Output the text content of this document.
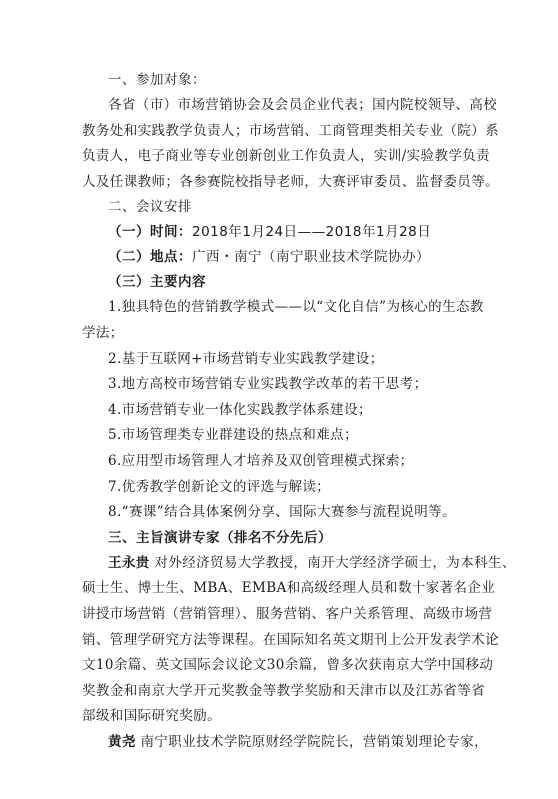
一、参加对象：
各省（市）市场营销协会及会员企业代表；国内院校领导、高校
教务处和实践教学负责人；市场营销、工商管理类相关专业（院）系
负责人，电子商业等专业创新创业工作负责人，实训/实验教学负责
人及任课教师；各参赛院校指导老师，大赛评审委员、监督委员等。
二、会议安排
（一）时间：2018年1月24日——2018年1月28日
（二）地点：广西・南宁（南宁职业技术学院协办）
（三）主要内容
1.独具特色的营销教学模式——以“文化自信”为核心的生态教
学法；
2.基于互联网+市场营销专业实践教学建设；
3.地方高校市场营销专业实践教学改革的若干思考；
4.市场营销专业一体化实践教学体系建设；
5.市场管理类专业群建设的热点和难点；
6.应用型市场管理人才培养及双创管理模式探索；
7.优秀教学创新论文的评选与解读；
8.“赛课”结合具体案例分享、国际大赛参与流程说明等。
三、主旨演讲专家（排名不分先后）
王永贵 对外经济贸易大学教授，南开大学经济学硕士，为本科生、
硕士生、博士生、MBA、EMBA和高级经理人员和数十家著名企业
讲授市场营销（营销管理）、服务营销、客户关系管理、高级市场营
销、管理学研究方法等课程。在国际知名英文期刊上公开发表学术论
文10余篇、英文国际会议论文30余篇，曾多次获南京大学中国移动
奖教金和南京大学开元奖教金等教学奖励和天津市以及江苏省等省
部级和国际研究奖励。
黄尧 南宁职业技术学院原财经学院院长，营销策划理论专家，
